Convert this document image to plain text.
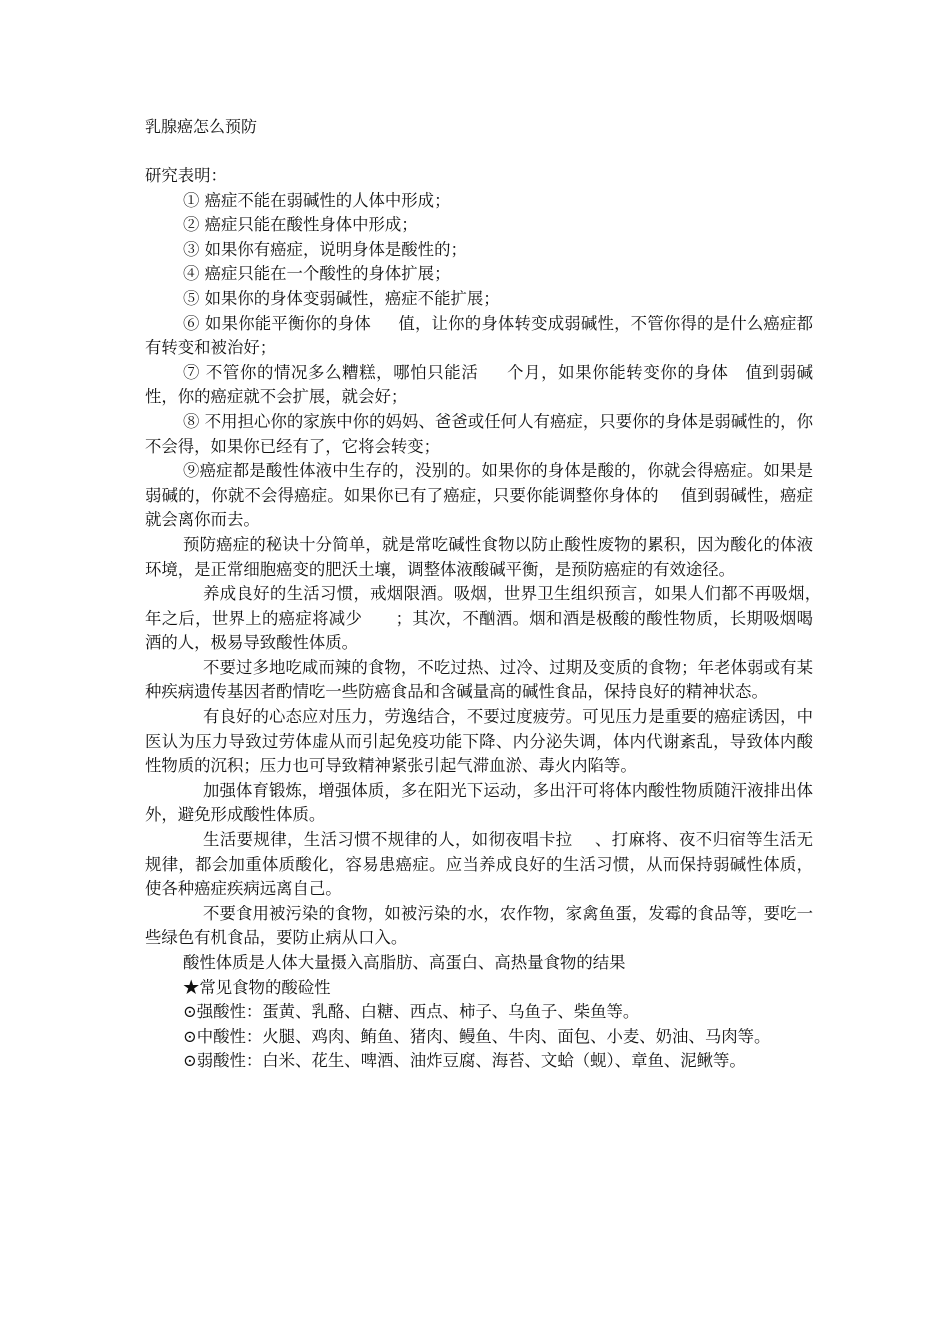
乳腺癌怎么预防

研究表明：

① 癌症不能在弱碱性的人体中形成；

② 癌症只能在酸性身体中形成；

③ 如果你有癌症，说明身体是酸性的；

④ 癌症只能在一个酸性的身体扩展；

⑤ 如果你的身体变弱碱性，癌症不能扩展；

⑥ 如果你能平衡你的身体 　 值，让你的身体转变成弱碱性，不管你得的是什么癌症都有转变和被治好；

⑦ 不管你的情况多么糟糕，哪怕只能活 　 个月，如果你能转变你的身体　值到弱碱性，你的癌症就不会扩展，就会好；

⑧ 不用担心你的家族中你的妈妈、爸爸或任何人有癌症，只要你的身体是弱碱性的，你不会得，如果你已经有了，它将会转变；

⑨癌症都是酸性体液中生存的，没别的。如果你的身体是酸的，你就会得癌症。如果是弱碱的，你就不会得癌症。如果你已有了癌症，只要你能调整你身体的　 值到弱碱性，癌症就会离你而去。

预防癌症的秘诀十分简单，就是常吃碱性食物以防止酸性废物的累积，因为酸化的体液环境，是正常细胞癌变的肥沃土壤，调整体液酸碱平衡，是预防癌症的有效途径。

养成良好的生活习惯，戒烟限酒。吸烟，世界卫生组织预言，如果人们都不再吸烟，　 年之后，世界上的癌症将减少　　；其次，不酗酒。烟和酒是极酸的酸性物质，长期吸烟喝酒的人，极易导致酸性体质。

不要过多地吃咸而辣的食物，不吃过热、过冷、过期及变质的食物；年老体弱或有某种疾病遗传基因者酌情吃一些防癌食品和含碱量高的碱性食品，保持良好的精神状态。

有良好的心态应对压力，劳逸结合，不要过度疲劳。可见压力是重要的癌症诱因，中医认为压力导致过劳体虚从而引起免疫功能下降、内分泌失调，体内代谢紊乱，导致体内酸性物质的沉积；压力也可导致精神紧张引起气滞血淤、毒火内陷等。

加强体育锻炼，增强体质，多在阳光下运动，多出汗可将体内酸性物质随汗液排出体外，避免形成酸性体质。

生活要规律，生活习惯不规律的人，如彻夜唱卡拉　 、打麻将、夜不归宿等生活无规律，都会加重体质酸化，容易患癌症。应当养成良好的生活习惯，从而保持弱碱性体质，使各种癌症疾病远离自己。

不要食用被污染的食物，如被污染的水，农作物，家禽鱼蛋，发霉的食品等，要吃一些绿色有机食品，要防止病从口入。

酸性体质是人体大量摄入高脂肪、高蛋白、高热量食物的结果

★常见食物的酸硷性

⊙强酸性：蛋黄、乳酪、白糖、西点、柿子、乌鱼子、柴鱼等。

⊙中酸性：火腿、鸡肉、鲔鱼、猪肉、鳗鱼、牛肉、面包、小麦、奶油、马肉等。

⊙弱酸性：白米、花生、啤酒、油炸豆腐、海苔、文蛤（蚬）、章鱼、泥鳅等。
